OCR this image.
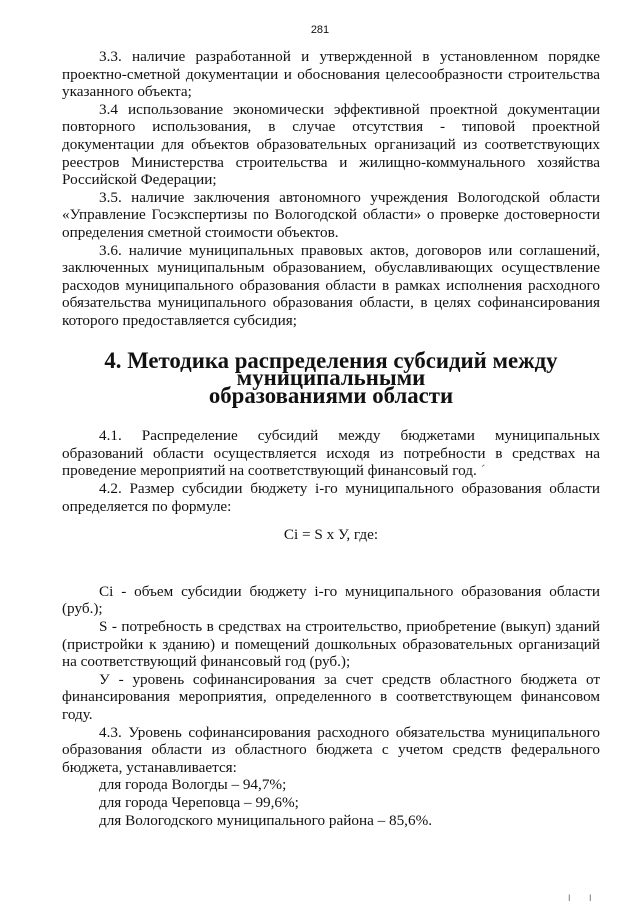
281

3.3. наличие разработанной и утвержденной в установленном порядке проектно-сметной документации и обоснования целесообразности строительства указанного объекта;

3.4 использование экономически эффективной проектной документации повторного использования, в случае отсутствия - типовой проектной документации для объектов образовательных организаций из соответствующих реестров Министерства строительства и жилищно-коммунального хозяйства Российской Федерации;

3.5. наличие заключения автономного учреждения Вологодской области «Управление Госэкспертизы по Вологодской области» о проверке достоверности определения сметной стоимости объектов.

3.6. наличие муниципальных правовых актов, договоров или соглашений, заключенных муниципальным образованием, обуславливающих осуществление расходов муниципального образования области в рамках исполнения расходного обязательства муниципального образования области, в целях софинансирования которого предоставляется субсидия;

4. Методика распределения субсидий между муниципальными
образованиями области

4.1. Распределение субсидий между бюджетами муниципальных образований области осуществляется исходя из потребности в средствах на проведение мероприятий на соответствующий финансовый год. ˊ

4.2. Размер субсидии бюджету i-го муниципального образования области определяется по формуле:

Ci = S x У, где:

Ci - объем субсидии бюджету i-го муниципального образования области (руб.);

S - потребность в средствах на строительство, приобретение (выкуп) зданий (пристройки к зданию) и помещений дошкольных образовательных организаций на соответствующий финансовый год (руб.);

У - уровень софинансирования за счет средств областного бюджета от финансирования мероприятия, определенного в соответствующем финансовом году.

4.3. Уровень софинансирования расходного обязательства муниципального образования области из областного бюджета с учетом средств федерального бюджета, устанавливается:

для города Вологды – 94,7%;

для города Череповца – 99,6%;

для Вологодского муниципального района – 85,6%.

I I
